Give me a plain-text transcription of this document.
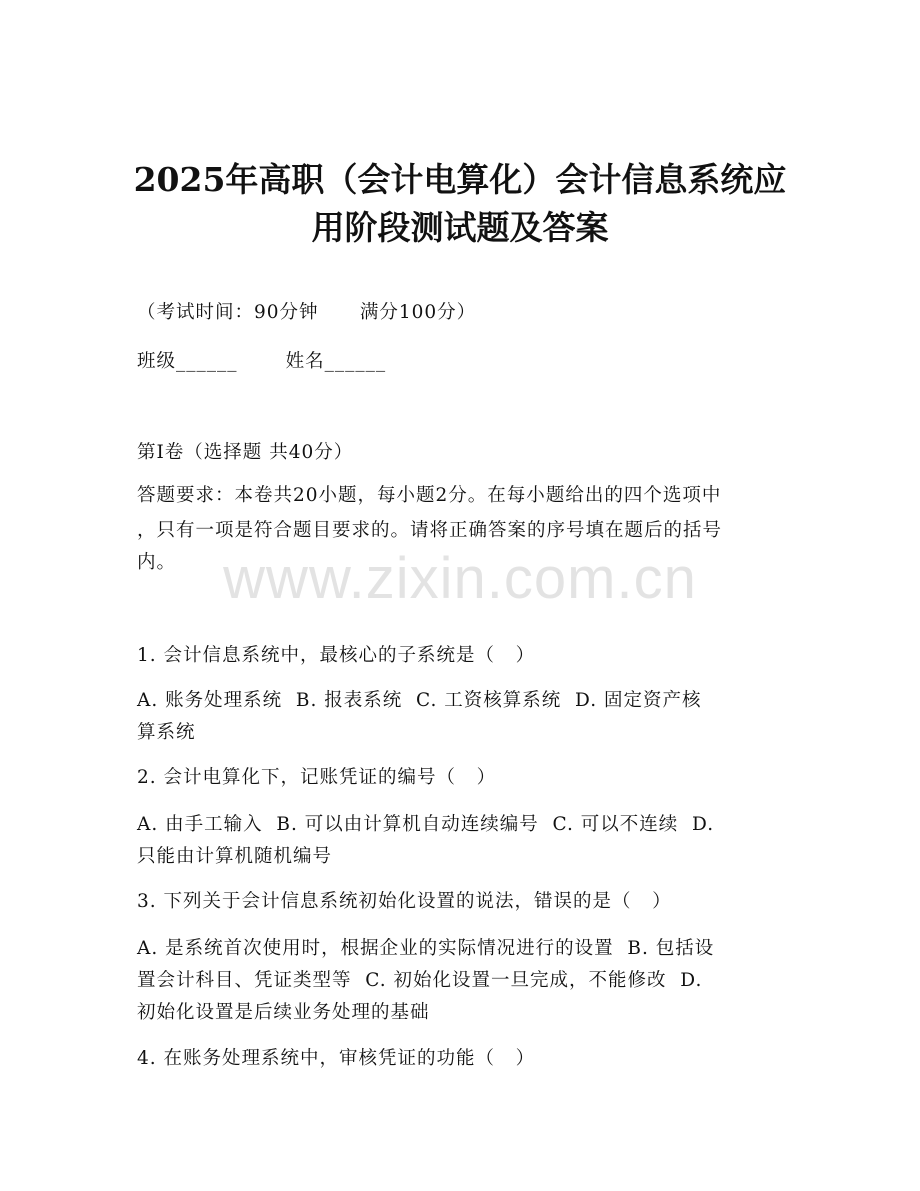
2025年高职（会计电算化）会计信息系统应
用阶段测试题及答案
（考试时间：90分钟      满分100分）
班级______       姓名______
第I卷（选择题 共40分）
答题要求：本卷共20小题，每小题2分。在每小题给出的四个选项中
，只有一项是符合题目要求的。请将正确答案的序号填在题后的括号
内。 www.zixin.com.cn
1. 会计信息系统中，最核心的子系统是（   ）
A. 账务处理系统  B. 报表系统  C. 工资核算系统  D. 固定资产核
算系统
2. 会计电算化下，记账凭证的编号（   ）
A. 由手工输入  B. 可以由计算机自动连续编号  C. 可以不连续  D.
只能由计算机随机编号
3. 下列关于会计信息系统初始化设置的说法，错误的是（   ）
A. 是系统首次使用时，根据企业的实际情况进行的设置  B. 包括设
置会计科目、凭证类型等  C. 初始化设置一旦完成，不能修改  D.
初始化设置是后续业务处理的基础
4. 在账务处理系统中，审核凭证的功能（   ）
